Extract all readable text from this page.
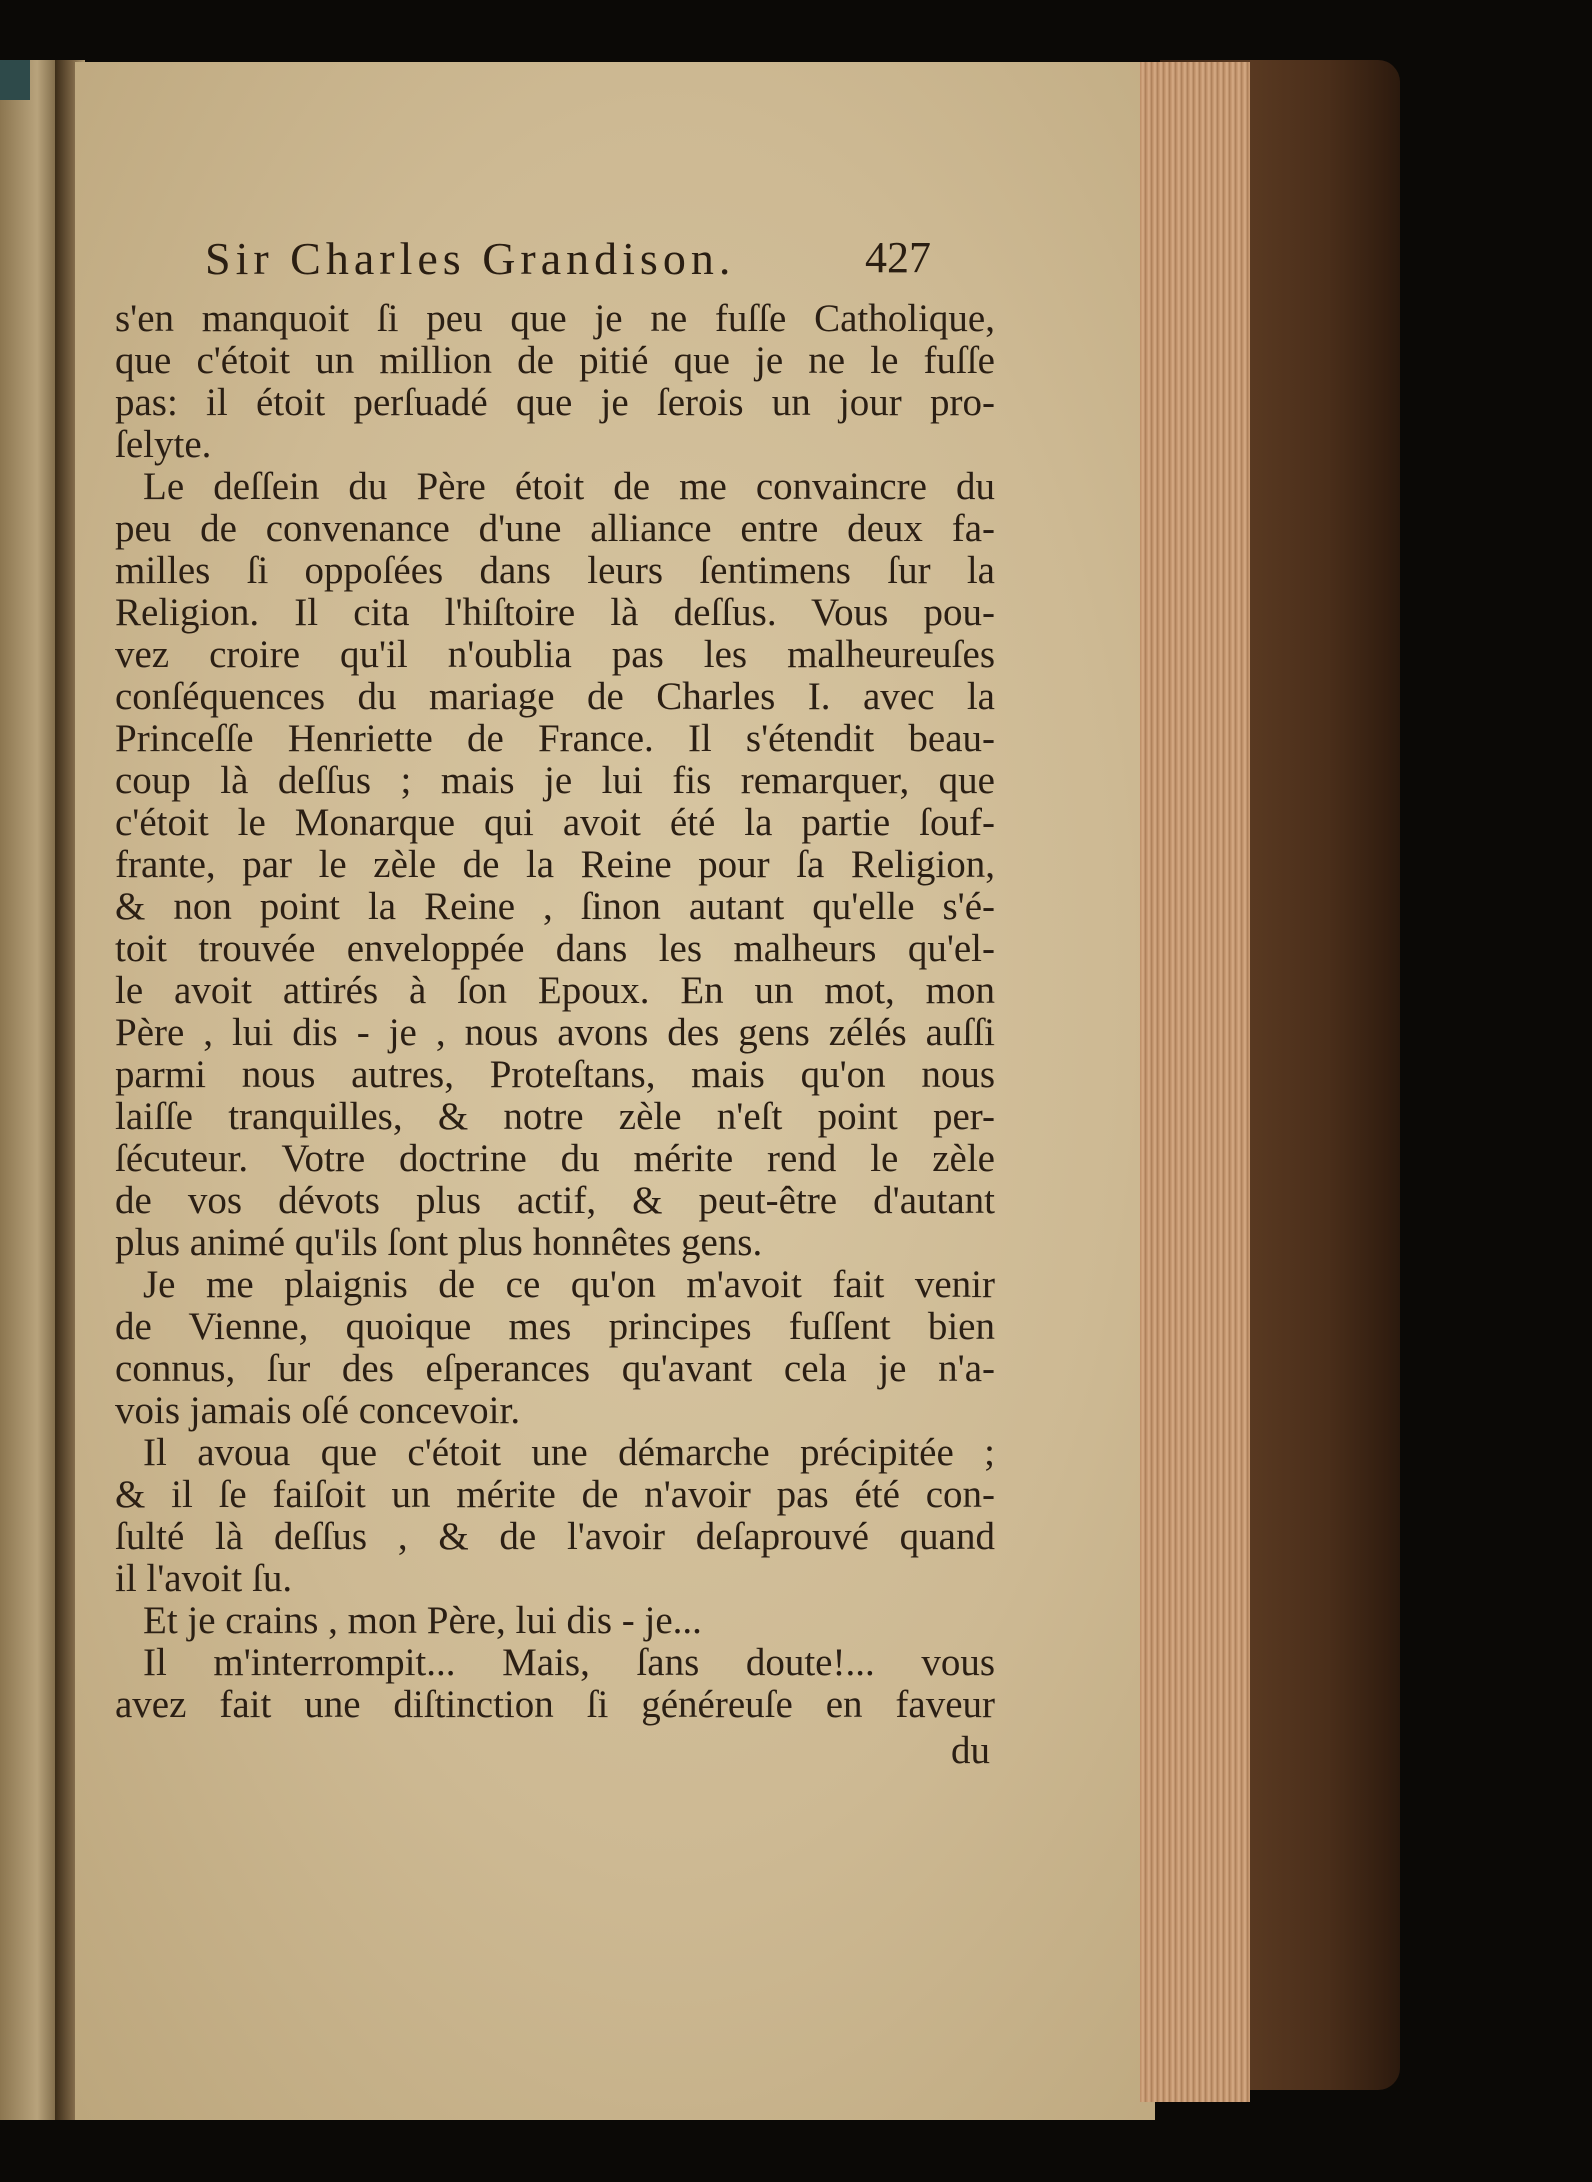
Sir Charles Grandison.	427
s'en manquoit ſi peu que je ne fuſſe Catholique,
que c'étoit un million de pitié que je ne le fuſſe
pas: il étoit perſuadé que je ſerois un jour pro-
ſelyte.
Le deſſein du Père étoit de me convaincre du
peu de convenance d'une alliance entre deux fa-
milles ſi oppoſées dans leurs ſentimens ſur la
Religion. Il cita l'hiſtoire là deſſus. Vous pou-
vez croire qu'il n'oublia pas les malheureuſes
conſéquences du mariage de Charles I. avec la
Princeſſe Henriette de France. Il s'étendit beau-
coup là deſſus ; mais je lui fis remarquer, que
c'étoit le Monarque qui avoit été la partie ſouf-
frante, par le zèle de la Reine pour ſa Religion,
& non point la Reine , ſinon autant qu'elle s'é-
toit trouvée enveloppée dans les malheurs qu'el-
le avoit attirés à ſon Epoux. En un mot, mon
Père , lui dis - je , nous avons des gens zélés auſſi
parmi nous autres, Proteſtans, mais qu'on nous
laiſſe tranquilles, & notre zèle n'eſt point per-
ſécuteur. Votre doctrine du mérite rend le zèle
de vos dévots plus actif, & peut-être d'autant
plus animé qu'ils ſont plus honnêtes gens.
Je me plaignis de ce qu'on m'avoit fait venir
de Vienne, quoique mes principes fuſſent bien
connus, ſur des eſperances qu'avant cela je n'a-
vois jamais oſé concevoir.
Il avoua que c'étoit une démarche précipitée ;
& il ſe faiſoit un mérite de n'avoir pas été con-
ſulté là deſſus , & de l'avoir deſaprouvé quand
il l'avoit ſu.
Et je crains , mon Père, lui dis - je...
Il m'interrompit... Mais, ſans doute!... vous
avez fait une diſtinction ſi généreuſe en faveur
du
